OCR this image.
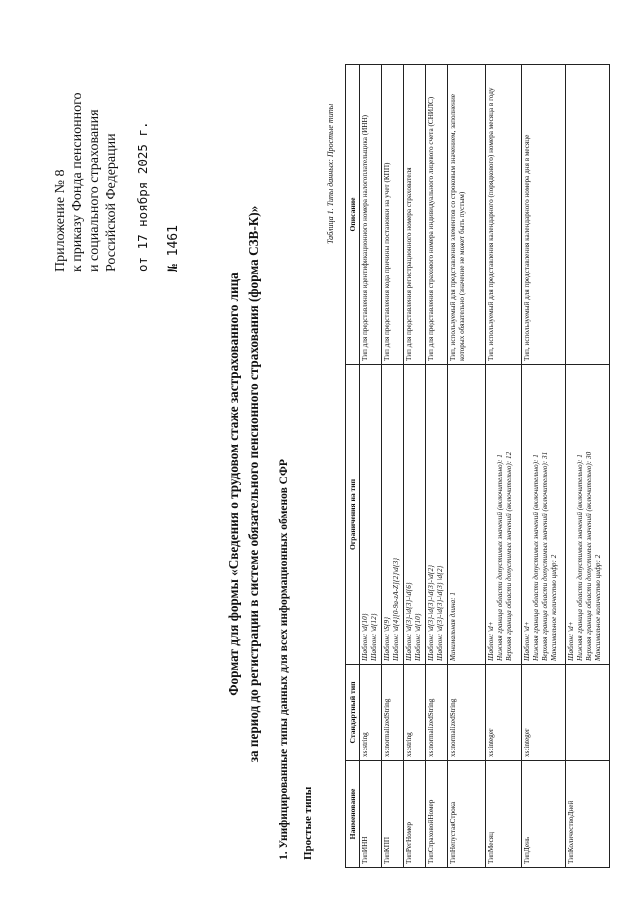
Приложение № 8 к приказу Фонда пенсионного и социального страхования Российской Федерации от 17 ноября 2025 г. № 1461
Формат для формы «Сведения о трудовом стаже застрахованного лица за период до регистрации в системе обязательного пенсионного страхования (форма СЗВ-К)» 1. Унифицированные типы данных для всех информационных обменов СФР Простые типы
Таблица 1. Типы данных: Простые типы
Наименование	Стандартный тип	Ограничения на тип	Описание
ТипИНН	xs:string	Шаблон: \d{10} Шаблон: \d{12}	Тип для представления идентификационного номера налогоплательщика (ИНН)
ТипКПП	xs:normalizedString	Шаблон: \S{9} Шаблон: \d{4}[0-9a-zA-Z]{2}\d{3}	Тип для представления кода причины постановки на учет (КПП)
ТипРегНомер	xs:string	Шаблон: \d{3}-\d{3}-\d{6} Шаблон: \d{10}	Тип для представления регистрационного номера страхователя
ТипСтраховойНомер	xs:normalizedString	Шаблон: \d{3}-\d{3}-\d{3}-\d{2} Шаблон: \d{3}-\d{3}-\d{3} \d{2}	Тип для представления страхового номера индивидуального лицевого счета (СНИЛС)
ТипНепустаяСтрока	xs:normalizedString	Минимальная длина: 1	Тип, используемый для представления элементов со строковым значением, заполнение которых обязательно (значение не может быть пустым)
ТипМесяц	xs:integer	Шаблон: \d+ Нижняя граница области допустимых значений (включительно): 1 Верхняя граница области допустимых значений (включительно): 12	Тип, используемый для представления календарного (порядкового) номера месяца в году
ТипДень	xs:integer	Шаблон: \d+ Нижняя граница области допустимых значений (включительно): 1 Верхняя граница области допустимых значений (включительно): 31 Максимальное количество цифр: 2	Тип, используемый для представления календарного номера дня в месяце
ТипКоличествоДней		Шаблон: \d+ Нижняя граница области допустимых значений (включительно): 1 Верхняя граница области допустимых значений (включительно): 30 Максимальное количество цифр: 2	
